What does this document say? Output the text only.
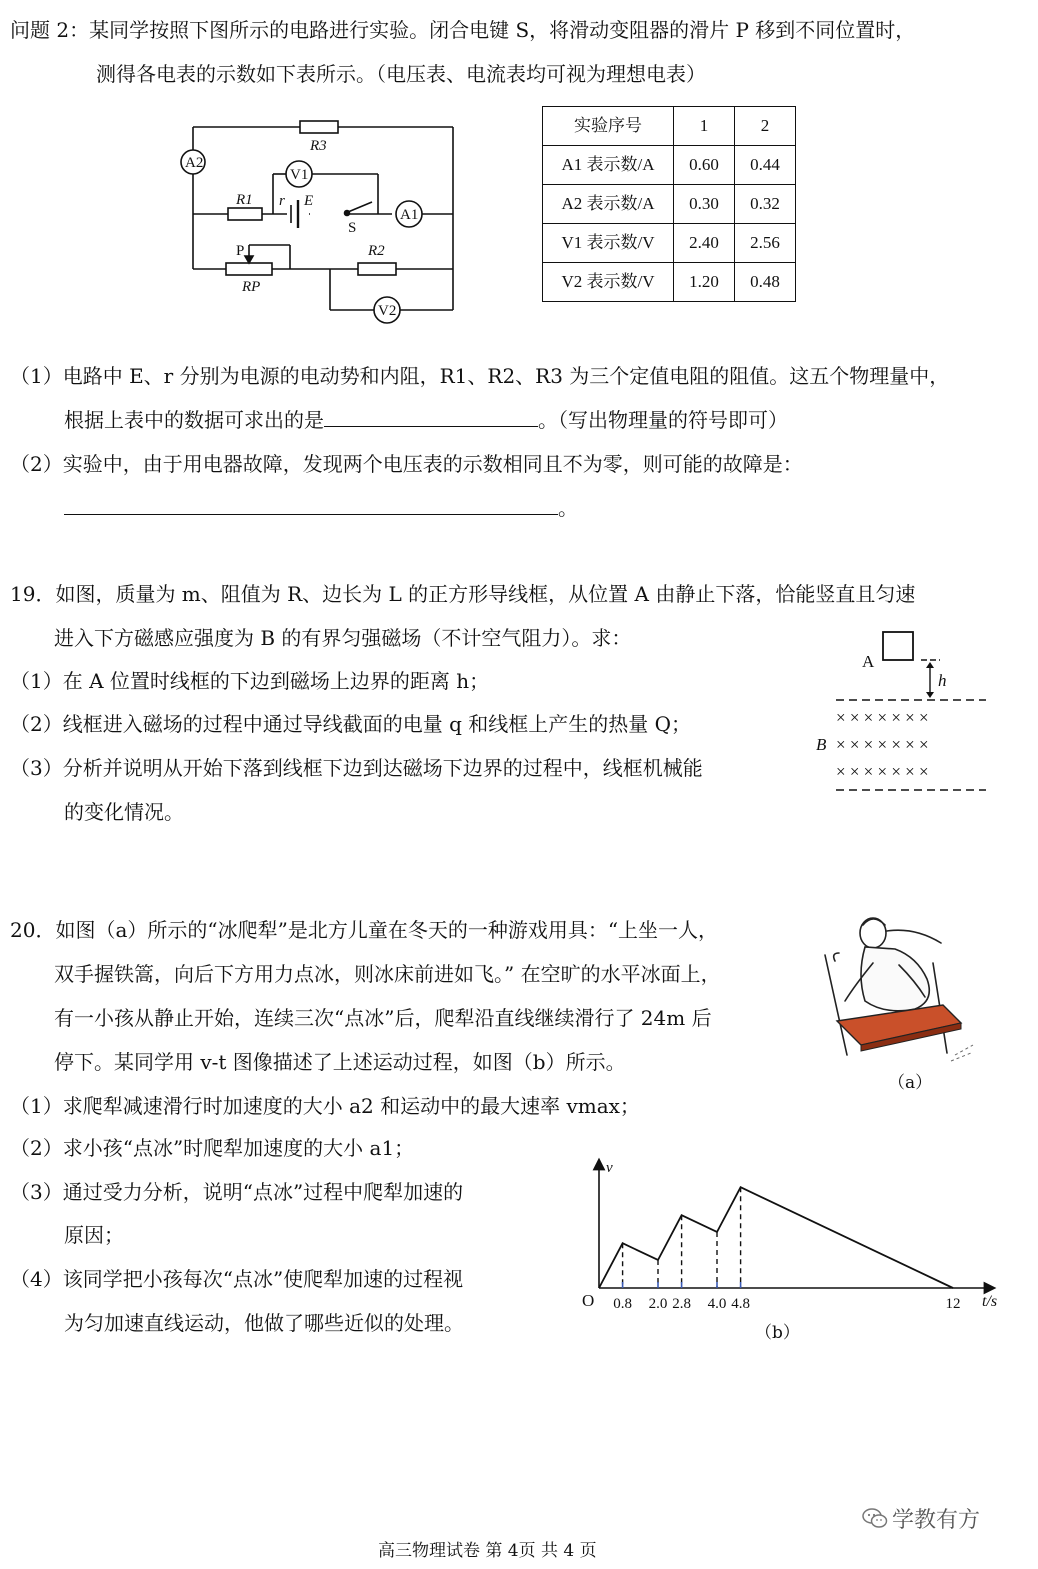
问题 2：某同学按照下图所示的电路进行实验。闭合电键 S，将滑动变阻器的滑片 P 移到不同位置时，
测得各电表的示数如下表所示。（电压表、电流表均可视为理想电表）
R3
A2
V1
R1 r E
S
A1
P	R2
RP
V2
实验序号	1	2
A1 表示数/A	0.60	0.44
A2 表示数/A	0.30	0.32
V1 表示数/V	2.40	2.56
V2 表示数/V	1.20	0.48
（1）电路中 E、r 分别为电源的电动势和内阻，R1、R2、R3 为三个定值电阻的阻值。这五个物理量中，
根据上表中的数据可求出的是	。（写出物理量的符号即可）
（2）实验中，由于用电器故障，发现两个电压表的示数相同且不为零，则可能的故障是：
。
19．如图，质量为 m、阻值为 R、边长为 L 的正方形导线框，从位置 A 由静止下落，恰能竖直且匀速
进入下方磁感应强度为 B 的有界匀强磁场（不计空气阻力）。求：
（1）在 A 位置时线框的下边到磁场上边界的距离 h；
（2）线框进入磁场的过程中通过导线截面的电量 q 和线框上产生的热量 Q；
（3）分析并说明从开始下落到线框下边到达磁场下边界的过程中，线框机械能
的变化情况。
A
h
B
× × × × × × ×
× × × × × × ×
× × × × × × ×
20．如图（a）所示的“冰爬犁”是北方儿童在冬天的一种游戏用具：“上坐一人，
双手握铁篙，向后下方用力点冰，则冰床前进如飞。” 在空旷的水平冰面上，
有一小孩从静止开始，连续三次“点冰”后，爬犁沿直线继续滑行了 24m 后
停下。某同学用 v-t 图像描述了上述运动过程，如图（b）所示。
（1）求爬犁减速滑行时加速度的大小 a2 和运动中的最大速率 vmax；
（2）求小孩“点冰”时爬犁加速度的大小 a1；
（3）通过受力分析，说明“点冰”过程中爬犁加速的
原因；
（4）该同学把小孩每次“点冰”使爬犁加速的过程视
为匀加速直线运动，他做了哪些近似的处理。
（a）
v
t/s
O 0.8 2.0 2.8 4.0 4.8	12
（b）
学教有方
高三物理试卷 第 4页 共 4 页
